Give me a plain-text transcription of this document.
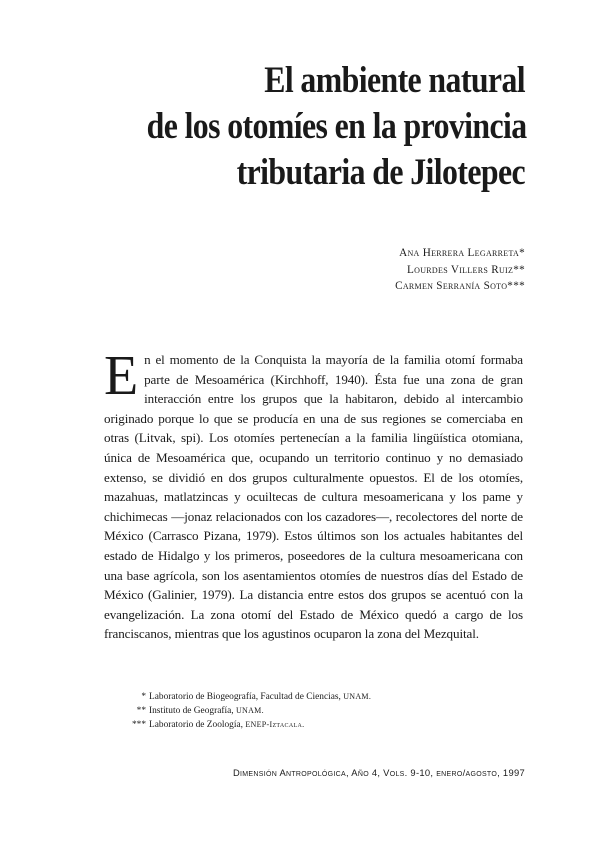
El ambiente natural
de los otomíes en la provincia
tributaria de Jilotepec
Ana Herrera Legarreta*
Lourdes Villers Ruiz**
Carmen Serranía Soto***

En el momento de la Conquista la mayoría de la familia otomí formaba parte de Mesoamérica (Kirchhoff, 1940). Ésta fue una zona de gran interacción entre los grupos que la habitaron, debido al intercambio originado porque lo que se producía en una de sus regiones se comerciaba en otras (Litvak, spi). Los otomíes pertenecían a la familia lingüística otomiana, única de Mesoamérica que, ocupando un territorio continuo y no demasiado extenso, se dividió en dos grupos culturalmente opuestos. El de los otomíes, mazahuas, matlatzincas y ocuiltecas de cultura mesoamericana y los pame y chichimecas —jonaz relacionados con los cazadores—, recolectores del norte de México (Carrasco Pizana, 1979). Estos últimos son los actuales habitantes del estado de Hidalgo y los primeros, poseedores de la cultura mesoamericana con una base agrícola, son los asentamientos otomíes de nuestros días del Estado de México (Galinier, 1979). La distancia entre estos dos grupos se acentuó con la evangelización. La zona otomí del Estado de México quedó a cargo de los franciscanos, mientras que los agustinos ocuparon la zona del Mezquital.

* Laboratorio de Biogeografía, Facultad de Ciencias, UNAM.
** Instituto de Geografía, UNAM.
*** Laboratorio de Zoología, ENEP-Iztacala.
Dimensión Antropológica, Año 4, Vols. 9-10, enero/agosto, 1997
